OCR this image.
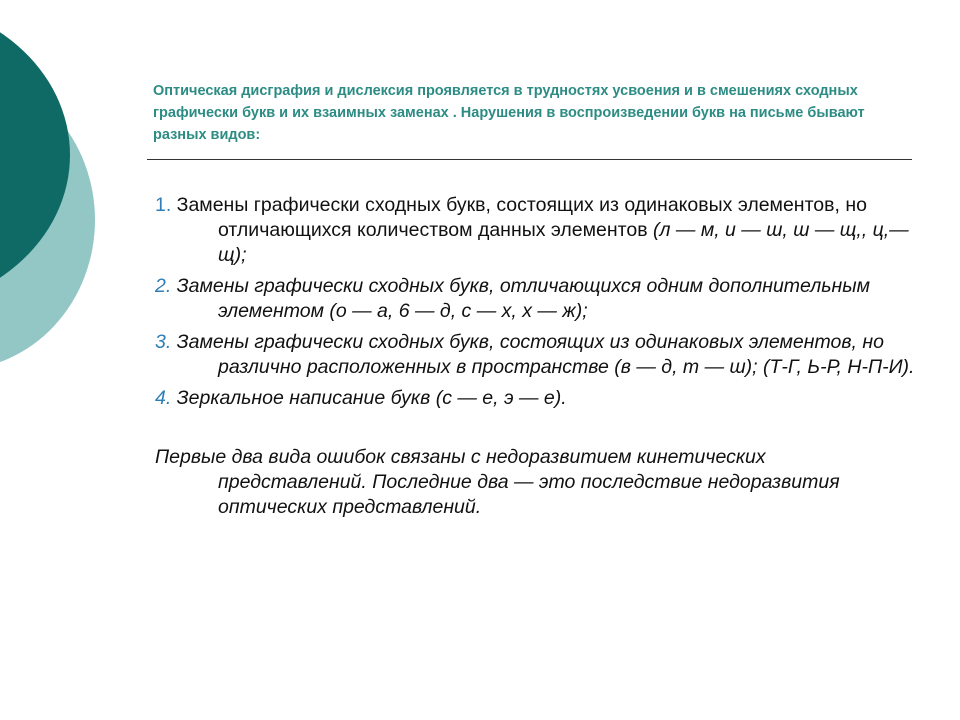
Оптическая дисграфия и дислексия проявляется в трудностях усвоения и в смешениях сходных графически букв и их взаимных заменах . Нарушения в воспроизведении букв на письме бывают разных видов:
1. Замены графически сходных букв, состоящих из одинаковых элементов, но отличающихся количеством данных элементов (л — м, и — ш, ш — щ,, ц,—щ);
2. Замены графически сходных букв, отличающихся одним дополнительным элементом (о — а, 6 — д, с — х, х — ж);
3. Замены графически сходных букв, состоящих из одинаковых элементов, но различно расположенных в пространстве (в — д, т — ш); (Т-Г, Ь-Р, Н-П-И).
4. Зеркальное написание букв (с — е, э — е).
Первые два вида ошибок связаны с недоразвитием кинетических представлений. Последние два — это последствие недоразвития оптических представлений.
